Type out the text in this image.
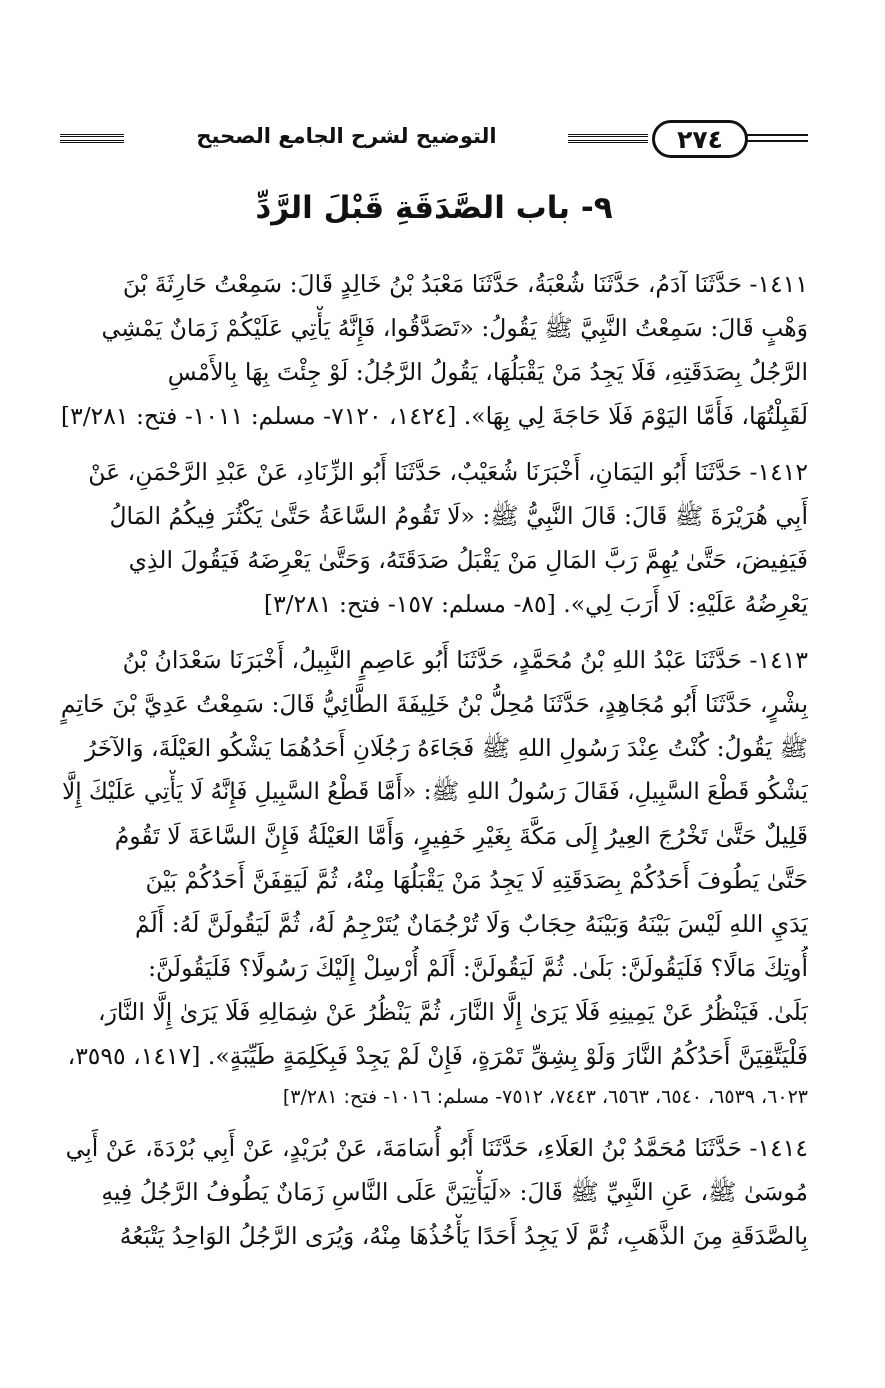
٢٧٤
التوضيح لشرح الجامع الصحيح
٩- باب الصَّدَقَةِ قَبْلَ الرَّدِّ

١٤١١- حَدَّثَنَا آدَمُ، حَدَّثَنَا شُعْبَةُ، حَدَّثَنَا مَعْبَدُ بْنُ خَالِدٍ قَالَ: سَمِعْتُ حَارِثَةَ بْنَ
وَهْبٍ قَالَ: سَمِعْتُ النَّبِيَّ ﷺ يَقُولُ: «تَصَدَّقُوا، فَإِنَّهُ يَأْتِي عَلَيْكُمْ زَمَانٌ يَمْشِي
الرَّجُلُ بِصَدَقَتِهِ، فَلَا يَجِدُ مَنْ يَقْبَلُهَا، يَقُولُ الرَّجُلُ: لَوْ جِئْتَ بِهَا بِالأَمْسِ
لَقَبِلْتُهَا، فَأَمَّا اليَوْمَ فَلَا حَاجَةَ لِي بِهَا». [١٤٢٤، ٧١٢٠- مسلم: ١٠١١- فتح: ٣/٢٨١]

١٤١٢- حَدَّثَنَا أَبُو اليَمَانِ، أَخْبَرَنَا شُعَيْبٌ، حَدَّثَنَا أَبُو الزِّنَادِ، عَنْ عَبْدِ الرَّحْمَنِ، عَنْ
أَبِي هُرَيْرَةَ ﷺ قَالَ: قَالَ النَّبِيُّ ﷺ: «لَا تَقُومُ السَّاعَةُ حَتَّىٰ يَكْثُرَ فِيكُمُ المَالُ
فَيَفِيضَ، حَتَّىٰ يُهِمَّ رَبَّ المَالِ مَنْ يَقْبَلُ صَدَقَتَهُ، وَحَتَّىٰ يَعْرِضَهُ فَيَقُولَ الذِي
يَعْرِضُهُ عَلَيْهِ: لَا أَرَبَ لِي». [٨٥- مسلم: ١٥٧- فتح: ٣/٢٨١]

١٤١٣- حَدَّثَنَا عَبْدُ اللهِ بْنُ مُحَمَّدٍ، حَدَّثَنَا أَبُو عَاصِمٍ النَّبِيلُ، أَخْبَرَنَا سَعْدَانُ بْنُ
بِشْرٍ، حَدَّثَنَا أَبُو مُجَاهِدٍ، حَدَّثَنَا مُحِلُّ بْنُ خَلِيفَةَ الطَّائِيُّ قَالَ: سَمِعْتُ عَدِيَّ بْنَ حَاتِمٍ
ﷺ يَقُولُ: كُنْتُ عِنْدَ رَسُولِ اللهِ ﷺ فَجَاءَهُ رَجُلَانِ أَحَدُهُمَا يَشْكُو العَيْلَةَ، وَالآخَرُ
يَشْكُو قَطْعَ السَّبِيلِ، فَقَالَ رَسُولُ اللهِ ﷺ: «أَمَّا قَطْعُ السَّبِيلِ فَإِنَّهُ لَا يَأْتِي عَلَيْكَ إِلَّا
قَلِيلٌ حَتَّىٰ تَخْرُجَ العِيرُ إِلَى مَكَّةَ بِغَيْرِ خَفِيرٍ، وَأَمَّا العَيْلَةُ فَإِنَّ السَّاعَةَ لَا تَقُومُ
حَتَّىٰ يَطُوفَ أَحَدُكُمْ بِصَدَقَتِهِ لَا يَجِدُ مَنْ يَقْبَلُهَا مِنْهُ، ثُمَّ لَيَقِفَنَّ أَحَدُكُمْ بَيْنَ
يَدَيِ اللهِ لَيْسَ بَيْنَهُ وَبَيْنَهُ حِجَابٌ وَلَا تُرْجُمَانٌ يُتَرْجِمُ لَهُ، ثُمَّ لَيَقُولَنَّ لَهُ: أَلَمْ
أُوتِكَ مَالًا؟ فَلَيَقُولَنَّ: بَلَىٰ. ثُمَّ لَيَقُولَنَّ: أَلَمْ أُرْسِلْ إِلَيْكَ رَسُولًا؟ فَلَيَقُولَنَّ:
بَلَىٰ. فَيَنْظُرُ عَنْ يَمِينِهِ فَلَا يَرَىٰ إِلَّا النَّارَ، ثُمَّ يَنْظُرُ عَنْ شِمَالِهِ فَلَا يَرَىٰ إِلَّا النَّارَ،
فَلْيَتَّقِيَنَّ أَحَدُكُمُ النَّارَ وَلَوْ بِشِقِّ تَمْرَةٍ، فَإِنْ لَمْ يَجِدْ فَبِكَلِمَةٍ طَيِّبَةٍ». [١٤١٧، ٣٥٩٥،
٦٠٢٣، ٦٥٣٩، ٦٥٤٠، ٦٥٦٣، ٧٤٤٣، ٧٥١٢- مسلم: ١٠١٦- فتح: ٣/٢٨١]

١٤١٤- حَدَّثَنَا مُحَمَّدُ بْنُ العَلَاءِ، حَدَّثَنَا أَبُو أُسَامَةَ، عَنْ بُرَيْدٍ، عَنْ أَبِي بُرْدَةَ، عَنْ أَبِي
مُوسَىٰ ﷺ، عَنِ النَّبِيِّ ﷺ قَالَ: «لَيَأْتِيَنَّ عَلَى النَّاسِ زَمَانٌ يَطُوفُ الرَّجُلُ فِيهِ
بِالصَّدَقَةِ مِنَ الذَّهَبِ، ثُمَّ لَا يَجِدُ أَحَدًا يَأْخُذُهَا مِنْهُ، وَيُرَى الرَّجُلُ الوَاحِدُ يَتْبَعُهُ
